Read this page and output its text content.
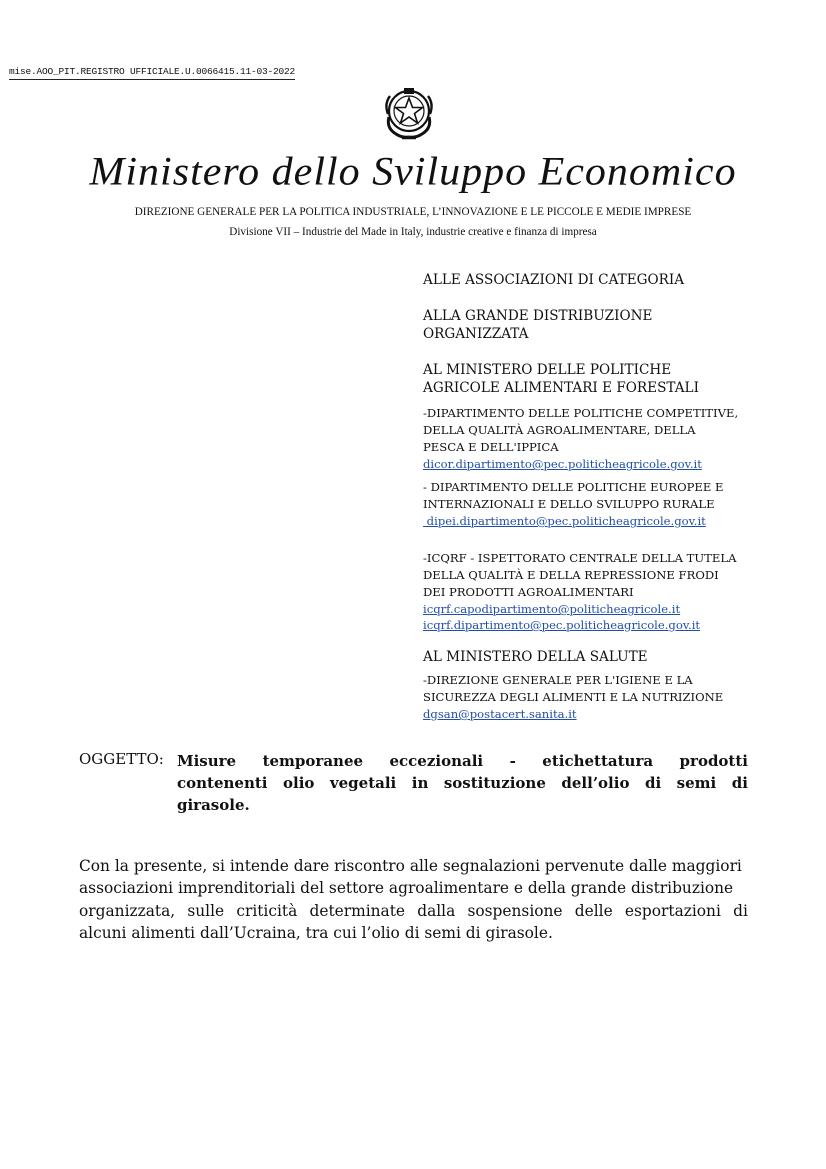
mise.AOO_PIT.REGISTRO UFFICIALE.U.0066415.11-03-2022
Ministero dello Sviluppo Economico
DIREZIONE GENERALE PER LA POLITICA INDUSTRIALE, L’INNOVAZIONE E LE PICCOLE E MEDIE IMPRESE
Divisione VII – Industrie del Made in Italy, industrie creative e finanza di impresa
ALLE ASSOCIAZIONI DI CATEGORIA
ALLA GRANDE DISTRIBUZIONE
ORGANIZZATA
AL MINISTERO DELLE POLITICHE
AGRICOLE ALIMENTARI E FORESTALI
-DIPARTIMENTO DELLE POLITICHE COMPETITIVE,
DELLA QUALITÀ AGROALIMENTARE, DELLA
PESCA E DELL'IPPICA
dicor.dipartimento@pec.politicheagricole.gov.it
- DIPARTIMENTO DELLE POLITICHE EUROPEE E
INTERNAZIONALI E DELLO SVILUPPO RURALE
dipei.dipartimento@pec.politicheagricole.gov.it
-ICQRF - ISPETTORATO CENTRALE DELLA TUTELA
DELLA QUALITÀ E DELLA REPRESSIONE FRODI
DEI PRODOTTI AGROALIMENTARI
icqrf.capodipartimento@politicheagricole.it
icqrf.dipartimento@pec.politicheagricole.gov.it
AL MINISTERO DELLA SALUTE
-DIREZIONE GENERALE PER L'IGIENE E LA
SICUREZZA DEGLI ALIMENTI E LA NUTRIZIONE
dgsan@postacert.sanita.it
OGGETTO: Misure temporanee eccezionali - etichettatura prodotti
contenenti olio vegetali in sostituzione dell’olio di semi di
girasole.
Con la presente, si intende dare riscontro alle segnalazioni pervenute dalle maggiori
associazioni imprenditoriali del settore agroalimentare e della grande distribuzione
organizzata, sulle criticità determinate dalla sospensione delle esportazioni di
alcuni alimenti dall’Ucraina, tra cui l’olio di semi di girasole.
